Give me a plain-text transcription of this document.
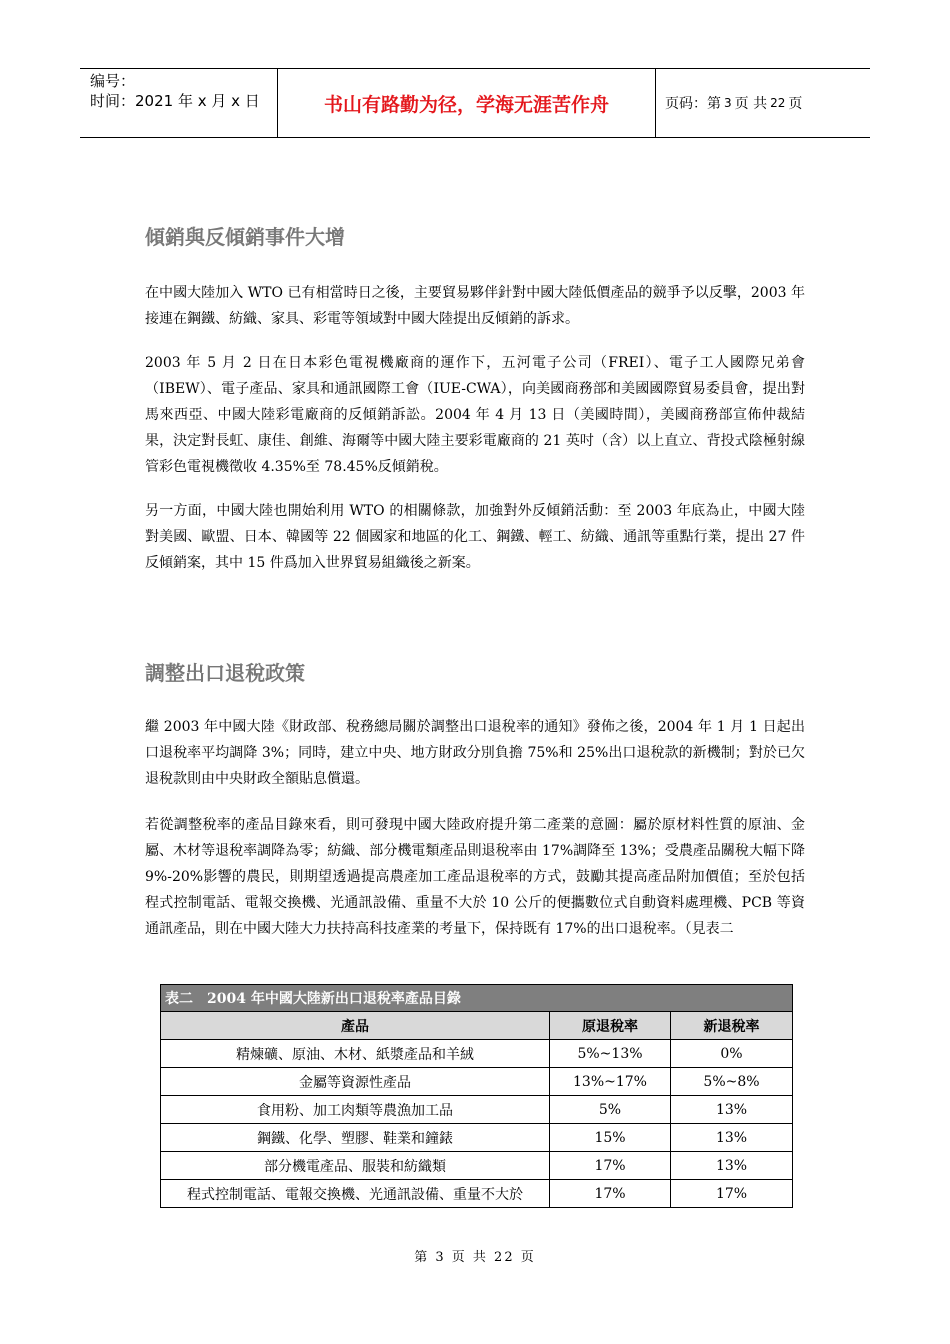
编号：
时间：2021 年 x 月 x 日	书山有路勤为径，学海无涯苦作舟	页码：第 3 页 共 22 页
傾銷與反傾銷事件大增
在中國大陸加入 WTO 已有相當時日之後，主要貿易夥伴針對中國大陸低價產品的競爭予以反擊，2003 年接連在鋼鐵、紡織、家具、彩電等領域對中國大陸提出反傾銷的訴求。
2003 年 5 月 2 日在日本彩色電視機廠商的運作下，五河電子公司（FREI）、電子工人國際兄弟會（IBEW）、電子產品、家具和通訊國際工會（IUE-CWA），向美國商務部和美國國際貿易委員會，提出對馬來西亞、中國大陸彩電廠商的反傾銷訴訟。2004 年 4 月 13 日（美國時間），美國商務部宣佈仲裁結果，決定對長虹、康佳、創維、海爾等中國大陸主要彩電廠商的 21 英吋（含）以上直立、背投式陰極射線管彩色電視機徵收 4.35%至 78.45%反傾銷稅。
另一方面，中國大陸也開始利用 WTO 的相關條款，加強對外反傾銷活動：至 2003 年底為止，中國大陸對美國、歐盟、日本、韓國等 22 個國家和地區的化工、鋼鐵、輕工、紡織、通訊等重點行業，提出 27 件反傾銷案，其中 15 件爲加入世界貿易組織後之新案。
調整出口退稅政策
繼 2003 年中國大陸《財政部、稅務總局關於調整出口退稅率的通知》發佈之後，2004 年 1 月 1 日起出口退稅率平均調降 3%；同時，建立中央、地方財政分別負擔 75%和 25%出口退稅款的新機制；對於已欠退稅款則由中央財政全額貼息償還。
若從調整稅率的產品目錄來看，則可發現中國大陸政府提升第二產業的意圖：屬於原材料性質的原油、金屬、木材等退稅率調降為零；紡織、部分機電類產品則退稅率由 17%調降至 13%；受農產品關稅大幅下降 9%-20%影響的農民，則期望透過提高農產加工產品退稅率的方式，鼓勵其提高產品附加價值；至於包括程式控制電話、電報交換機、光通訊設備、重量不大於 10 公斤的便攜數位式自動資料處理機、PCB 等資通訊產品，則在中國大陸大力扶持高科技產業的考量下，保持既有 17%的出口退稅率。（見表二
表二　2004 年中國大陸新出口退稅率產品目錄		
產品	原退稅率	新退稅率
精煉礦、原油、木材、紙漿產品和羊絨	5%~13%	0%
金屬等資源性產品	13%~17%	5%~8%
食用粉、加工肉類等農漁加工品	5%	13%
鋼鐵、化學、塑膠、鞋業和鐘錶	15%	13%
部分機電產品、服裝和紡織類	17%	13%
程式控制電話、電報交換機、光通訊設備、重量不大於	17%	17%
第 3 页 共 22 页
